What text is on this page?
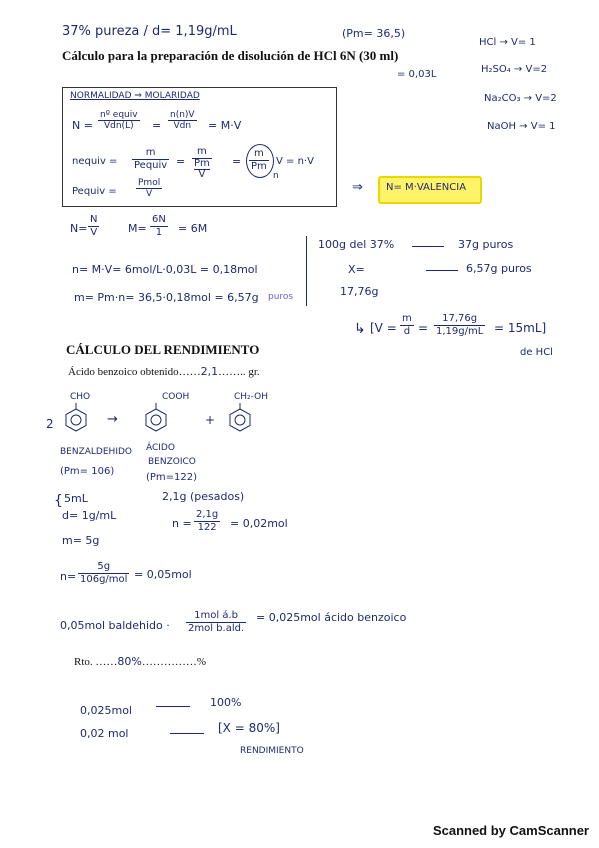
37% pureza / d= 1,19g/mL	(Pm= 36,5)
Cálculo para la preparación de disolución de HCl 6N (30 ml)
= 0,03L
HCl → V= 1
H₂SO₄ → V=2
Na₂CO₃ → V=2
NaOH → V= 1
NORMALIDAD ⇒ MOLARIDAD
N =
nº equiv
Vdn(L)	=
n(n)V
Vdn	= M·V
nequiv =
m
Pequiv = m
Pm
$V = \frac{m}{Pm}$
n
V = n·V
Pequiv =
Pmol
V	⇒ N= M·VALENCIA
$N= \frac{N}{V}$	$M= \frac{6N}{1} = 6M$
n= M·V= 6mol/L·0,03L = 0,18mol
m= Pm·n= 36,5·0,18mol = 6,57g puros
100g del 37%	37g puros
X=	6,57g puros
17,76g
↳ $[V = \frac{m}{d} = \frac{17,76g}{1,19g/mL} = 15mL]$
de HCl
CÁLCULO DEL RENDIMIENTO
Ácido benzoico obtenido……2,1…….. gr.
2
CHO
→
COOH
+
CH₂-OH
BENZALDEHIDO
(Pm= 106)
ÁCIDO
BENZOICO
(Pm=122)
{ 5mL
d= 1g/mL
m= 5g
2,1g (pesados)
$n = \frac{2,1g}{122} = 0,02mol$
n=
5g
106g/mol = 0,05mol
0,05mol baldehido ·
1mol á.b
2mol b.ald.
= 0,025mol ácido benzoico
Rto. ……80%……………%
0,025mol
100%
0,02 mol	[X = 80%]
RENDIMIENTO
Scanned by CamScanner
